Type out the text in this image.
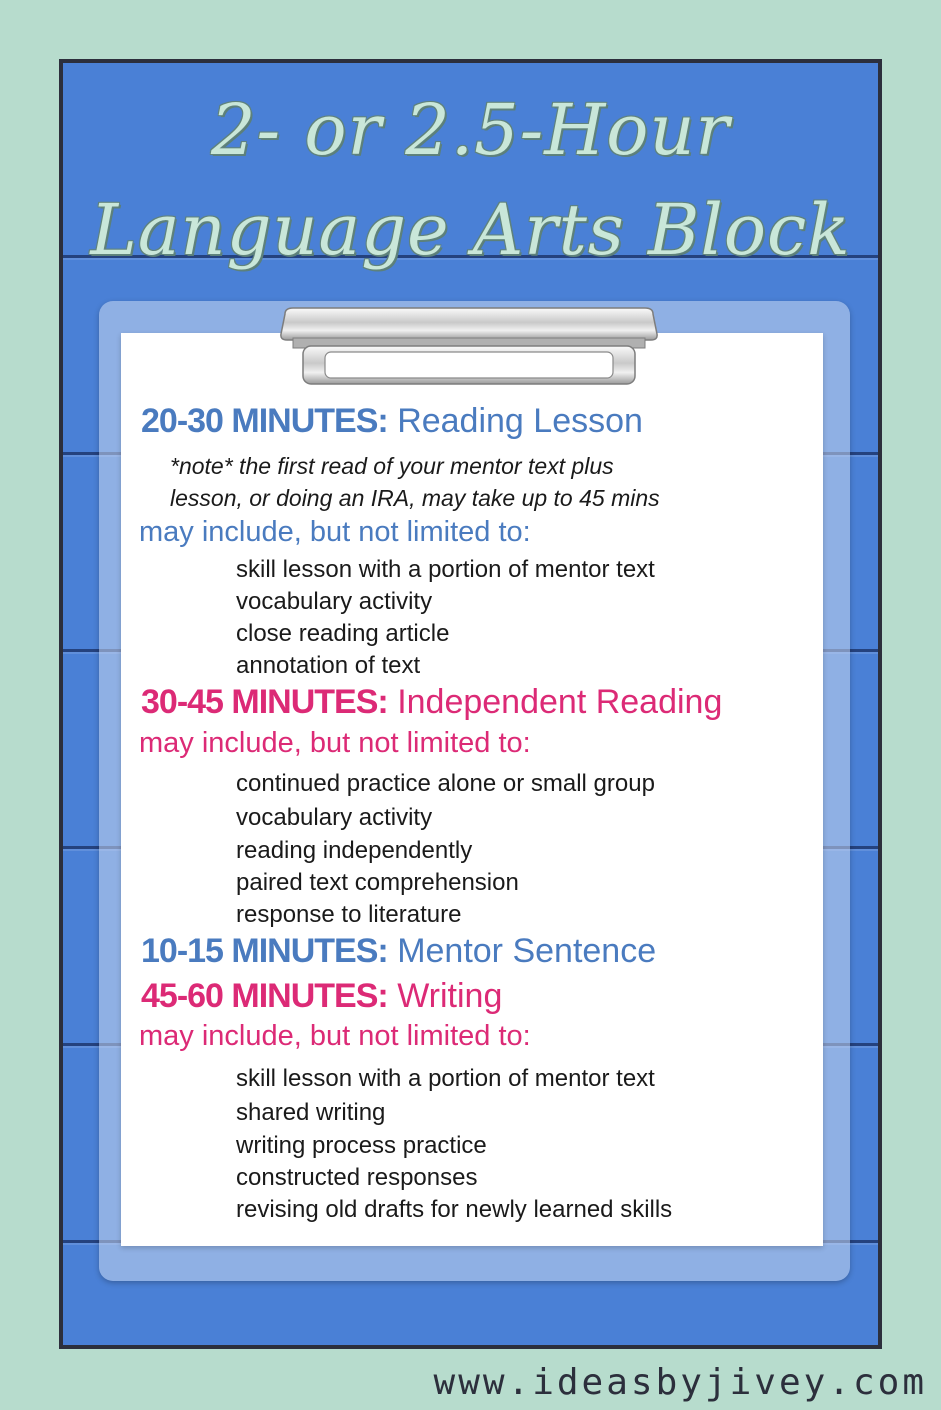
2- or 2.5-Hour
Language Arts Block
20-30 MINUTES: Reading Lesson
*note* the first read of your mentor text plus
lesson, or doing an IRA, may take up to 45 mins
may include, but not limited to:
skill lesson with a portion of mentor text
vocabulary activity
close reading article
annotation of text
30-45 MINUTES: Independent Reading
may include, but not limited to:
continued practice alone or small group
vocabulary activity
reading independently
paired text comprehension
response to literature
10-15 MINUTES: Mentor Sentence
45-60 MINUTES: Writing
may include, but not limited to:
skill lesson with a portion of mentor text
shared writing
writing process practice
constructed responses
revising old drafts for newly learned skills
www.ideasbyjivey.com
